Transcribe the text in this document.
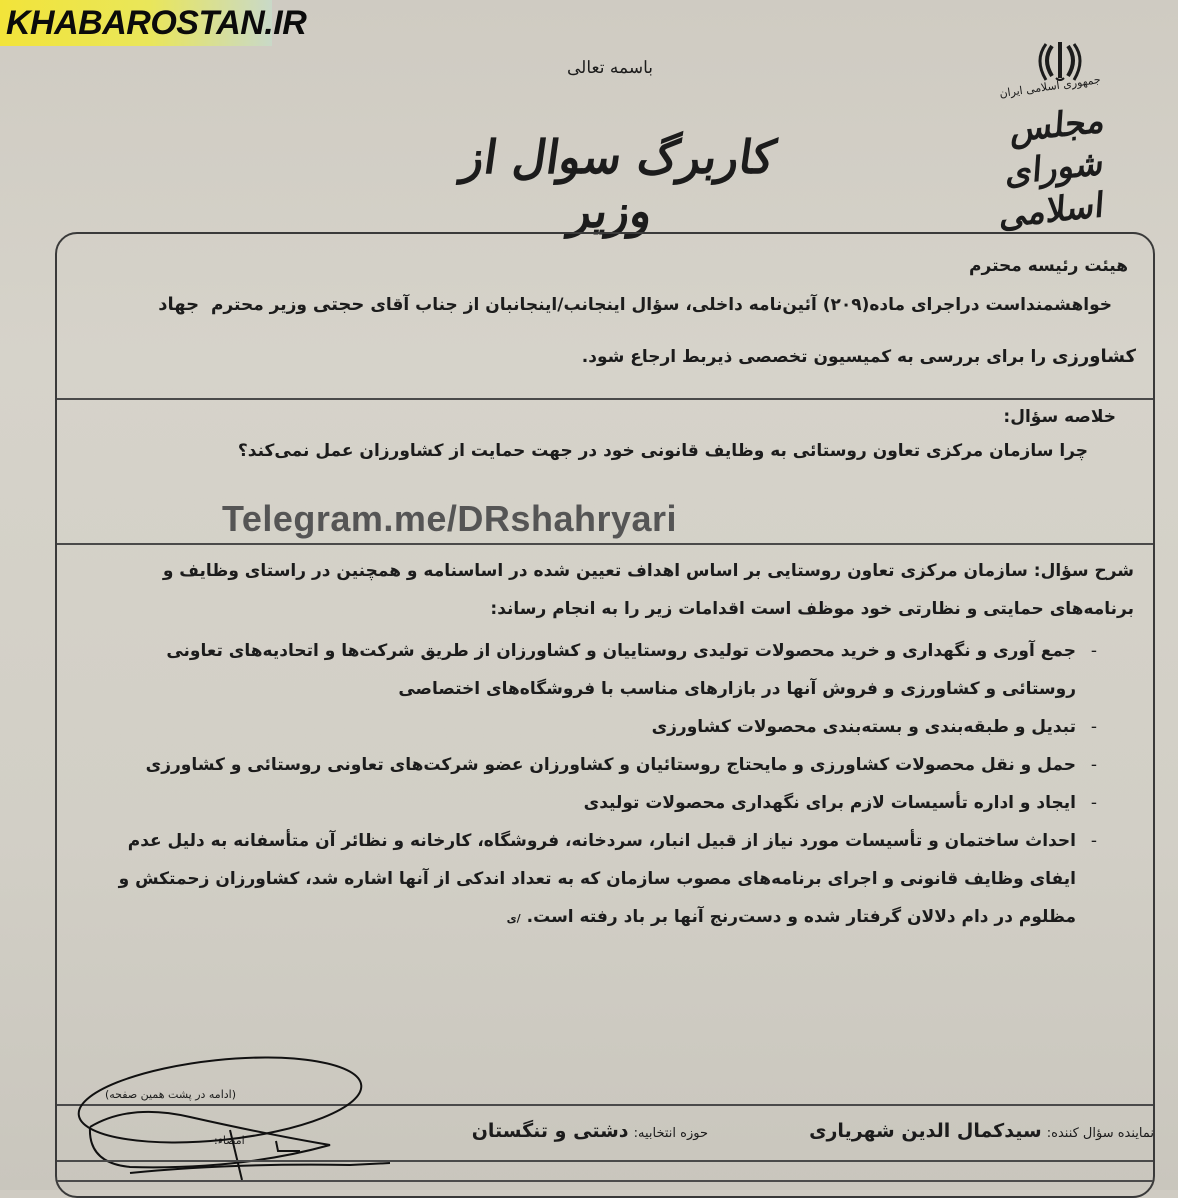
KHABAROSTAN.IR
باسمه تعالی
کاربرگ سوال از وزیر
جمهوری اسلامی ایران
مجلس شورای اسلامی
هیئت رئیسه محترم
خواهشمنداست دراجرای ماده(۲۰۹) آئین‌نامه داخلی، سؤال اینجانب/اینجانبان از جناب آقای حجتی وزیر محترم  جهاد
کشاورزی را برای بررسی به کمیسیون تخصصی ذیربط ارجاع شود.
خلاصه سؤال:
چرا سازمان مرکزی تعاون روستائی به وظایف قانونی خود در جهت حمایت از کشاورزان عمل نمی‌کند؟
Telegram.me/DRshahryari
شرح سؤال: سازمان مرکزی تعاون روستایی بر اساس اهداف تعیین شده در اساسنامه و همچنین در راستای وظایف و برنامه‌های حمایتی و نظارتی خود موظف است اقدامات زیر را به انجام رساند:
-
جمع آوری و نگهداری و خرید محصولات تولیدی روستاییان و کشاورزان از طریق شرکت‌ها و اتحادیه‌های تعاونی روستائی و کشاورزی و فروش آنها در بازارهای مناسب با فروشگاه‌های اختصاصی
-
تبدیل و طبقه‌بندی و بسته‌بندی محصولات کشاورزی
-
حمل و نقل محصولات کشاورزی و مایحتاج روستائیان و کشاورزان عضو شرکت‌های تعاونی روستائی و کشاورزی
-
ایجاد و اداره تأسیسات لازم برای نگهداری محصولات تولیدی
-
احداث ساختمان و تأسیسات مورد نیاز از قبیل انبار، سردخانه، فروشگاه، کارخانه و نظائر آن متأسفانه به دلیل عدم ایفای وظایف قانونی و اجرای برنامه‌های مصوب سازمان که به تعداد اندکی از آنها اشاره شد، کشاورزان زحمتکش و مظلوم در دام دلالان گرفتار شده و دست‌رنج آنها بر باد رفته است. /ی
(ادامه در پشت همین صفحه)
نماینده سؤال کننده: سیدکمال الدین شهریاری
حوزه انتخابیه: دشتی و تنگستان
امضاء:
